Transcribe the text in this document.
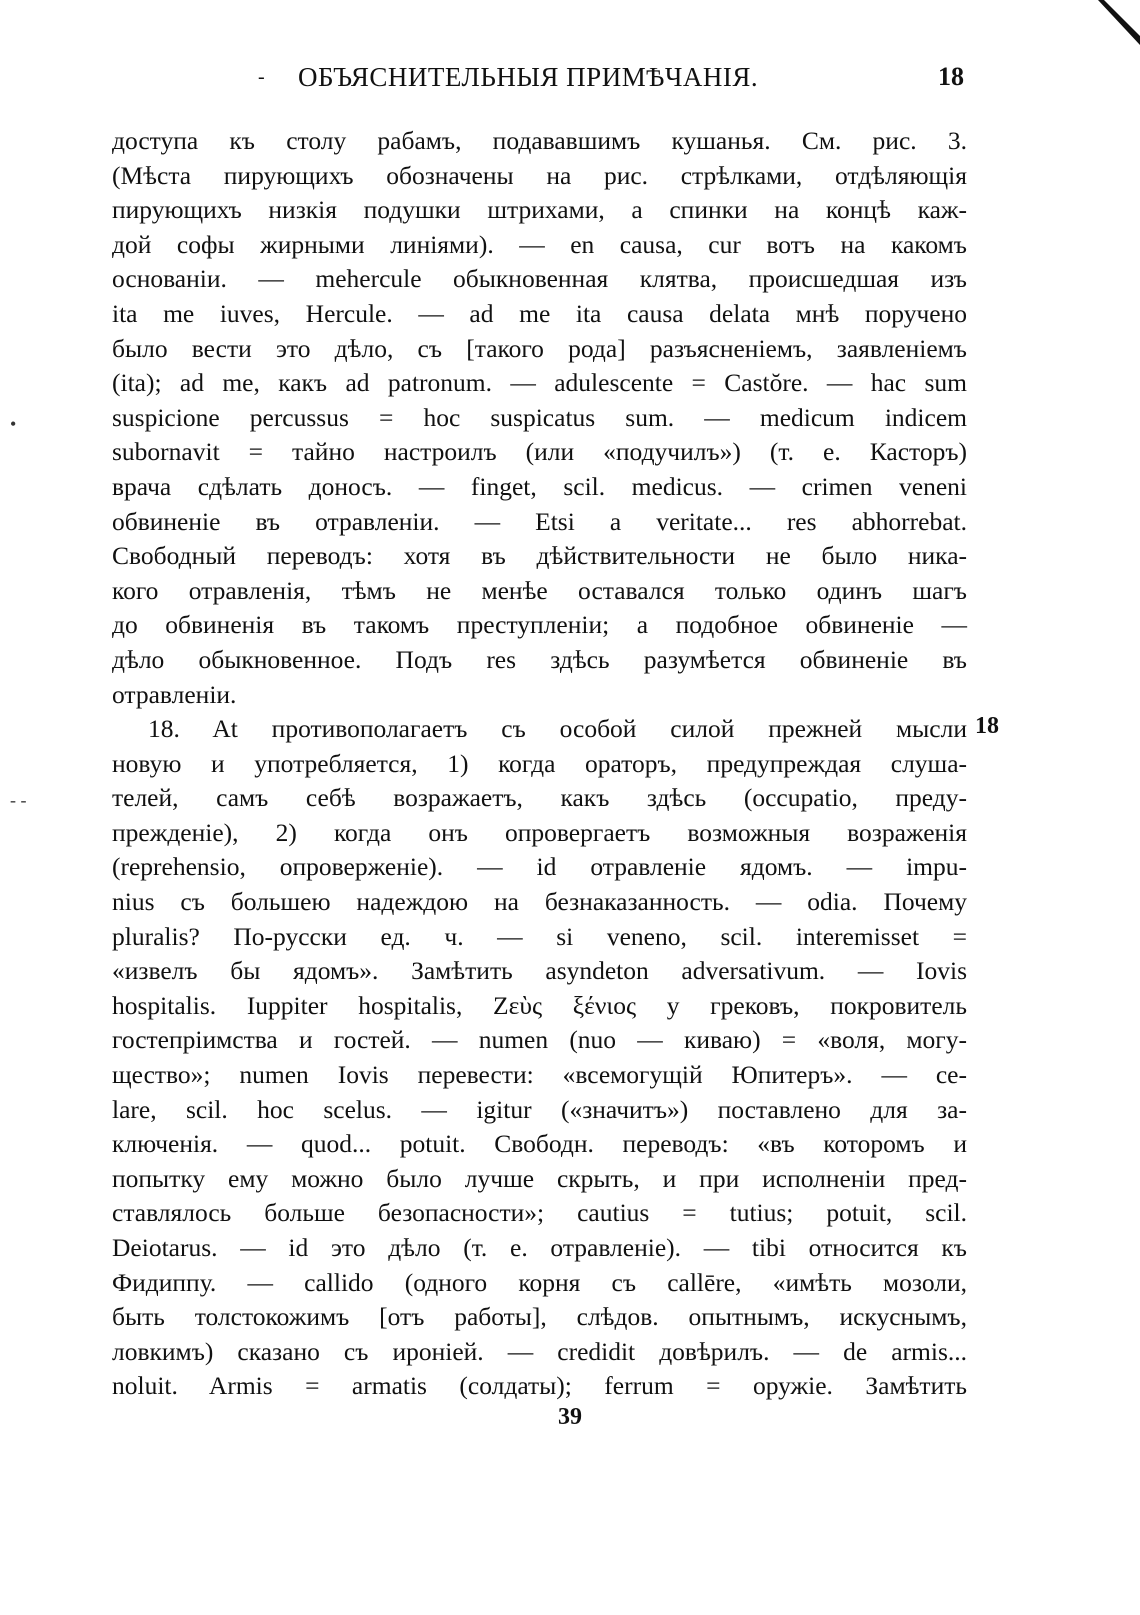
- ОБЪЯСНИТЕЛЬНЫЯ ПРИМѢЧАНIЯ.	18
доступа къ столу рабамъ, подававшимъ кушанья. См. рис. 3.
(Мѣста пирующихъ обозначены на рис. стрѣлками, отдѣляющія
пирующихъ низкія подушки штрихами, а спинки на концѣ каж-
дой софы жирными линіями). — en causa, cur вотъ на какомъ
основаніи. — mehercule обыкновенная клятва, происшедшая изъ
ita me iuves, Hercule. — ad me ita causa delata мнѣ поручено
было вести это дѣло, съ [такого рода] разъясненіемъ, заявленіемъ
(ita); ad me, какъ ad patronum. — adulescente = Castŏre. — hac sum
suspicione percussus = hoc suspicatus sum. — medicum indicem
subornavit = тайно настроилъ (или «подучилъ») (т. е. Касторъ)
врача сдѣлать доносъ. — finget, scil. medicus. — crimen veneni
обвиненіе въ отравленіи. — Etsi a veritate... res abhorrebat.
Свободный переводъ: хотя въ дѣйствительности не было ника-
кого отравленія, тѣмъ не менѣе оставался только одинъ шагъ
до обвиненія въ такомъ преступленіи; а подобное обвиненіе —
дѣло обыкновенное. Подъ res здѣсь разумѣется обвиненіе въ
отравленіи.
18. At противополагаетъ съ особой силой прежней мысли
новую и употребляется, 1) когда ораторъ, предупреждая слуша-
телей, самъ себѣ возражаетъ, какъ здѣсь (occupatio, преду-
прежденіе), 2) когда онъ опровергаетъ возможныя возраженія
(reprehensio, опроверженіе). — id отравленіе ядомъ. — impu-
nius съ большею надеждою на безнаказанность. — odia. Почему
pluralis? По-русски ед. ч. — si veneno, scil. interemisset =
«извелъ бы ядомъ». Замѣтить asyndeton adversativum. — Iovis
hospitalis. Iuppiter hospitalis, Ζεὺς ξένιος у грековъ, покровитель
гостепріимства и гостей. — numen (nuo — киваю) = «воля, могу-
щество»; numen Iovis перевести: «всемогущій Юпитеръ». — ce-
lare, scil. hoc scelus. — igitur («значитъ») поставлено для за-
ключенія. — quod... potuit. Свободн. переводъ: «въ которомъ и
попытку ему можно было лучше скрыть, и при исполненіи пред-
ставлялось больше безопасности»; cautius = tutius; potuit, scil.
Deiotarus. — id это дѣло (т. е. отравленіе). — tibi относится къ
Фидиппу. — callido (одного корня съ callēre, «имѣть мозоли,
быть толстокожимъ [отъ работы], слѣдов. опытнымъ, искуснымъ,
ловкимъ) сказано съ ироніей. — credidit довѣрилъ. — de armis...
noluit. Armis = armatis (солдаты); ferrum = оружіе. Замѣтить
18
•
- -
39
